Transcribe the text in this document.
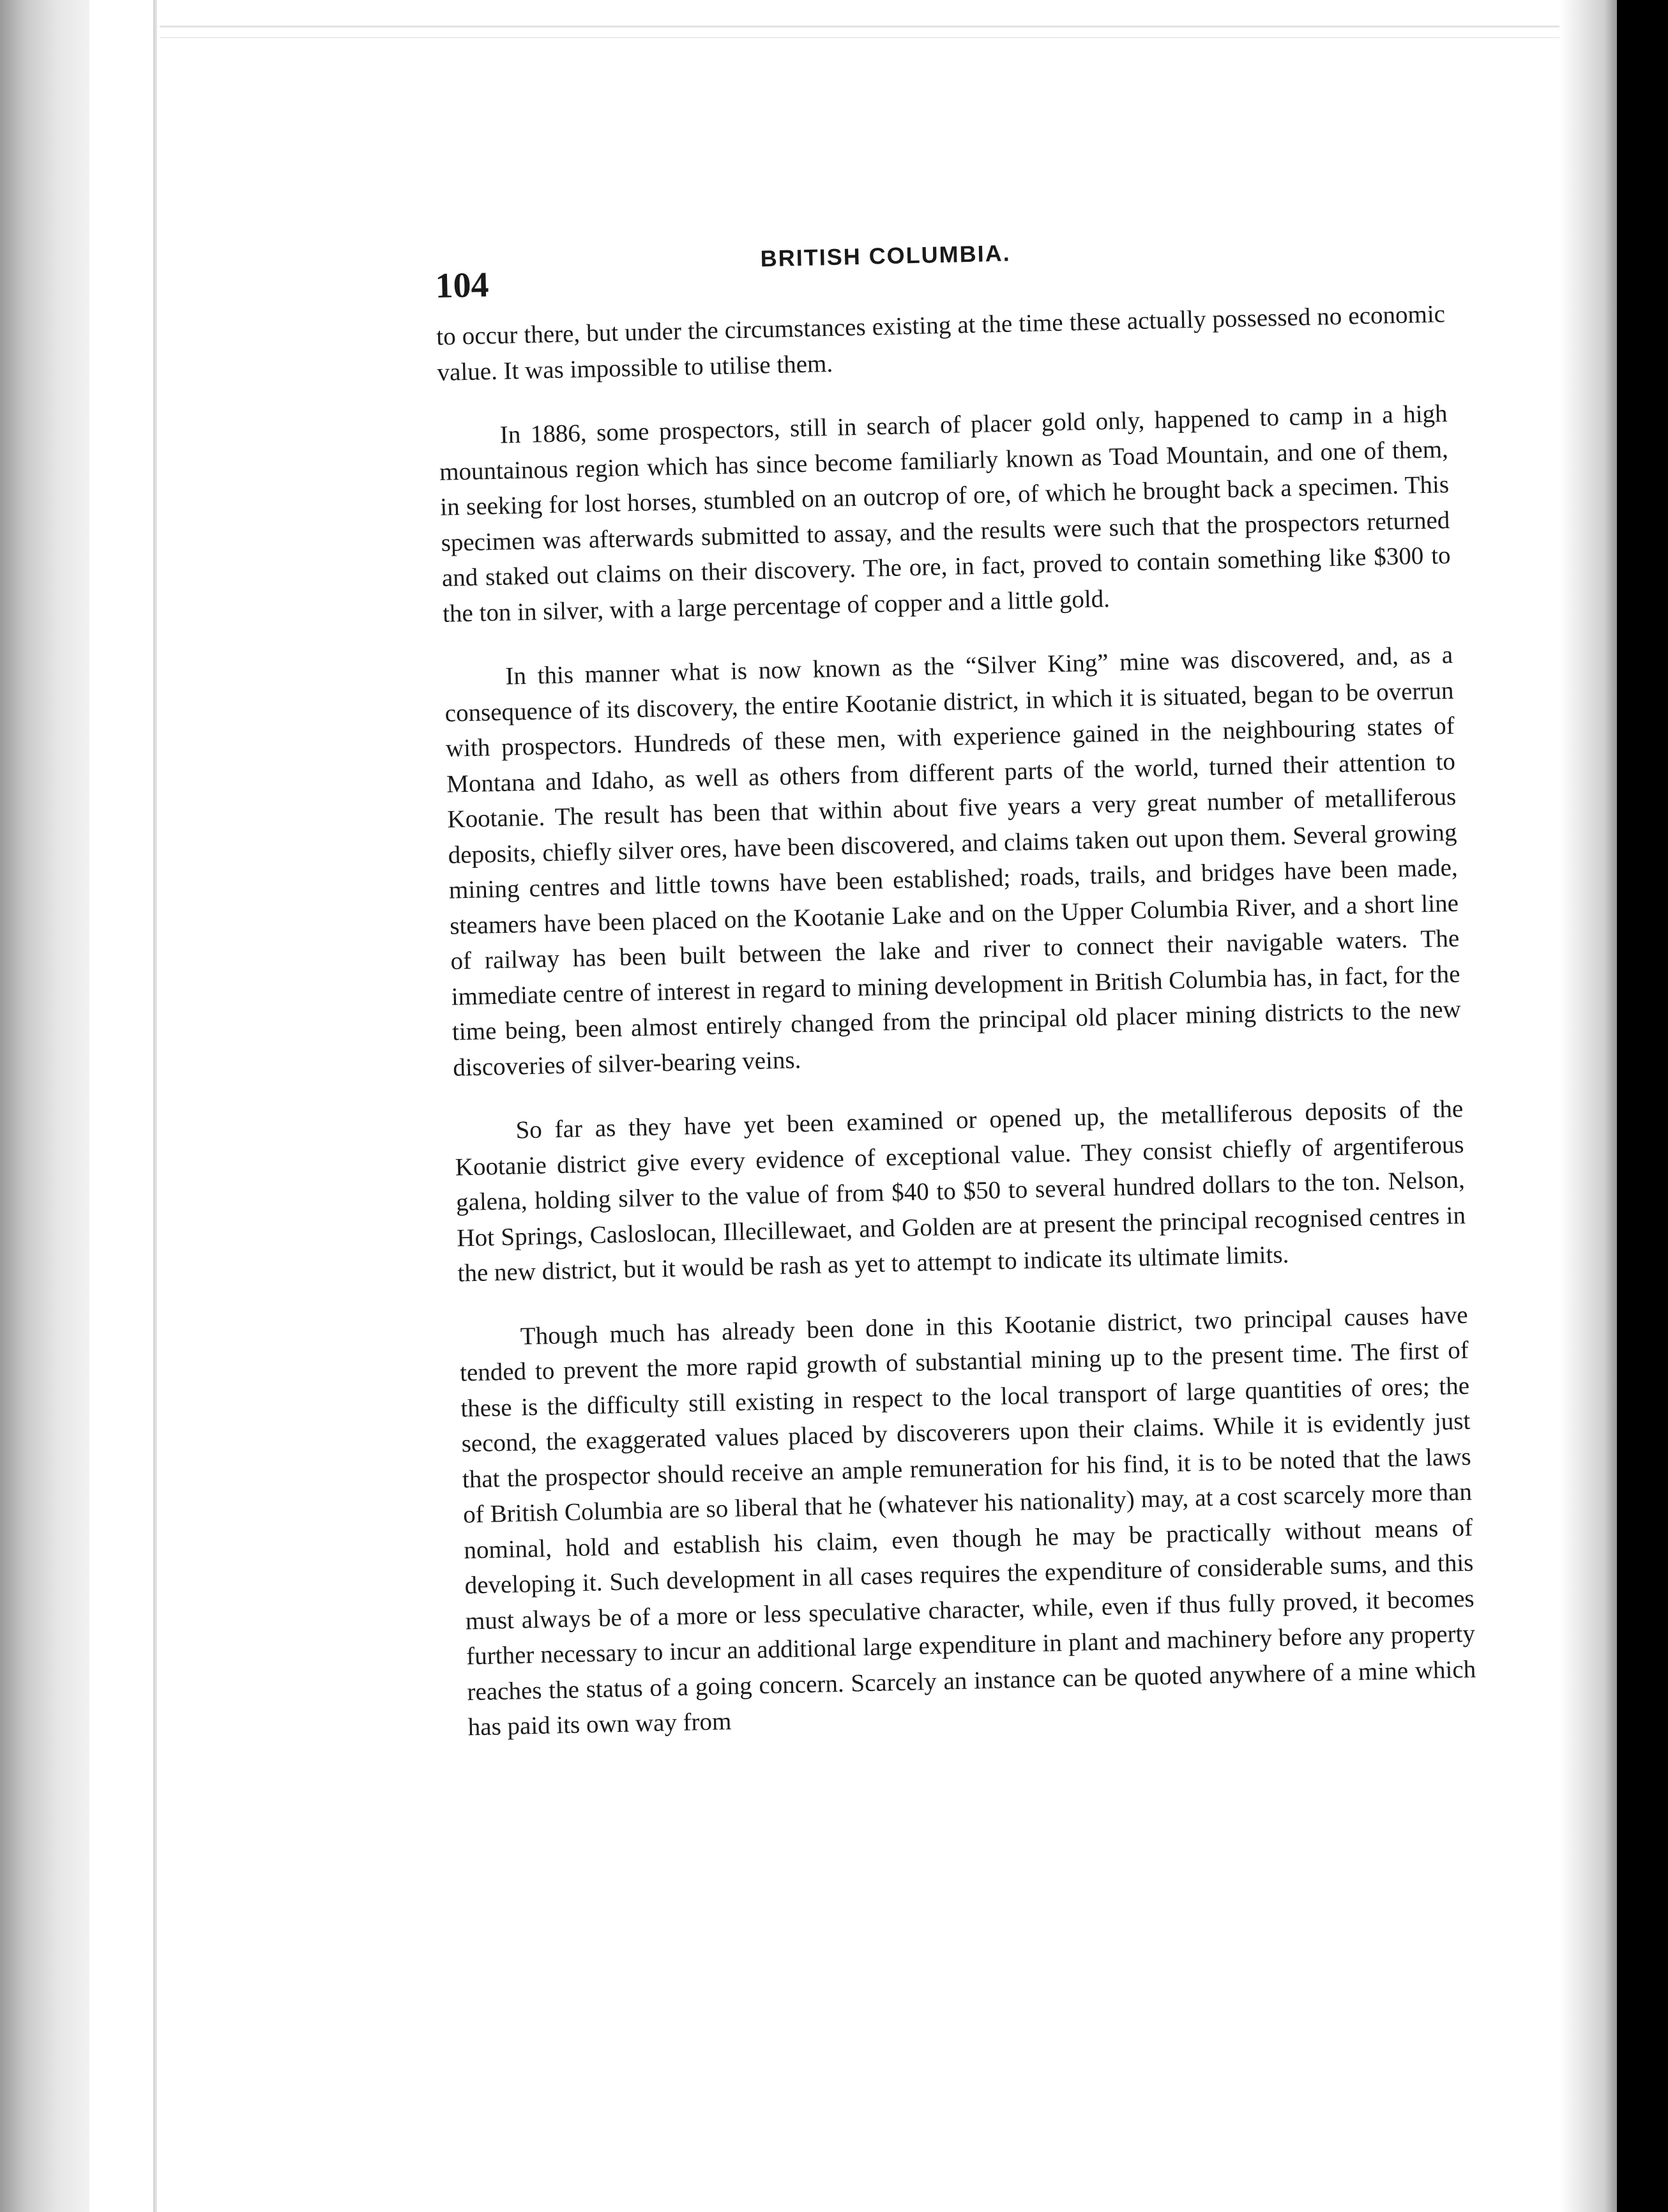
104
BRITISH COLUMBIA.

to occur there, but under the circumstances existing at the time these actually possessed no economic value. It was impossible to utilise them.

In 1886, some prospectors, still in search of placer gold only, happened to camp in a high mountainous region which has since become familiarly known as Toad Mountain, and one of them, in seeking for lost horses, stumbled on an outcrop of ore, of which he brought back a specimen. This specimen was afterwards submitted to assay, and the results were such that the prospectors returned and staked out claims on their discovery. The ore, in fact, proved to contain something like $300 to the ton in silver, with a large percentage of copper and a little gold.

In this manner what is now known as the “Silver King” mine was discovered, and, as a consequence of its discovery, the entire Kootanie district, in which it is situated, began to be overrun with prospectors. Hundreds of these men, with experience gained in the neighbouring states of Montana and Idaho, as well as others from different parts of the world, turned their attention to Kootanie. The result has been that within about five years a very great number of metalliferous deposits, chiefly silver ores, have been discovered, and claims taken out upon them. Several growing mining centres and little towns have been established; roads, trails, and bridges have been made, steamers have been placed on the Kootanie Lake and on the Upper Columbia River, and a short line of railway has been built between the lake and river to connect their navigable waters. The immediate centre of interest in regard to mining development in British Columbia has, in fact, for the time being, been almost entirely changed from the principal old placer mining districts to the new discoveries of silver-bearing veins.

So far as they have yet been examined or opened up, the metalliferous deposits of the Kootanie district give every evidence of exceptional value. They consist chiefly of argentiferous galena, holding silver to the value of from $40 to $50 to several hundred dollars to the ton. Nelson, Hot Springs, Casloslocan, Illecillewaet, and Golden are at present the principal recognised centres in the new district, but it would be rash as yet to attempt to indicate its ultimate limits.

Though much has already been done in this Kootanie district, two principal causes have tended to prevent the more rapid growth of substantial mining up to the present time. The first of these is the difficulty still existing in respect to the local transport of large quantities of ores; the second, the exaggerated values placed by discoverers upon their claims. While it is evidently just that the prospector should receive an ample remuneration for his find, it is to be noted that the laws of British Columbia are so liberal that he (whatever his nationality) may, at a cost scarcely more than nominal, hold and establish his claim, even though he may be practically without means of developing it. Such development in all cases requires the expenditure of considerable sums, and this must always be of a more or less speculative character, while, even if thus fully proved, it becomes further necessary to incur an additional large expenditure in plant and machinery before any property reaches the status of a going concern. Scarcely an instance can be quoted anywhere of a mine which has paid its own way from
